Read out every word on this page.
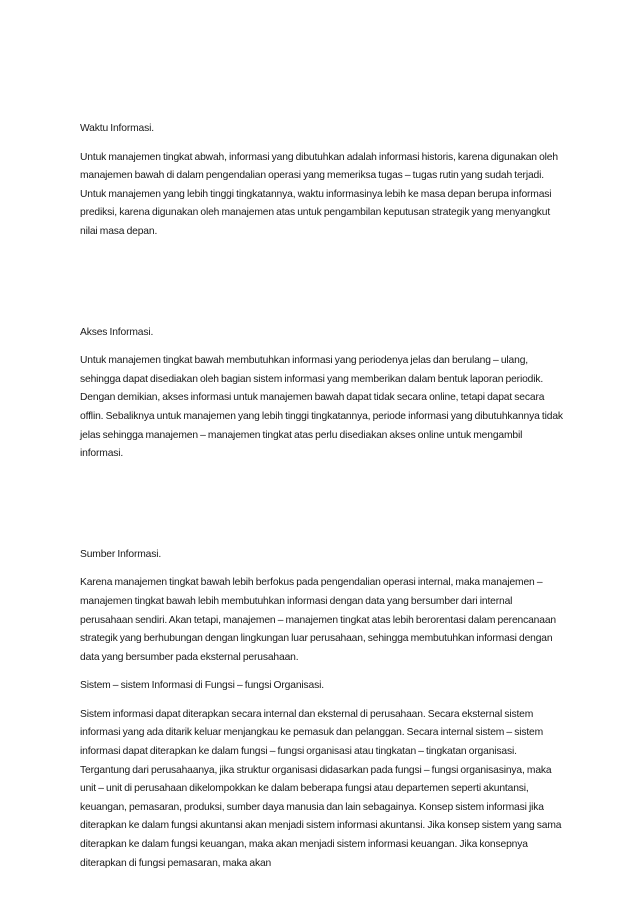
Waktu Informasi.

Untuk manajemen tingkat abwah, informasi yang dibutuhkan adalah informasi historis, karena digunakan oleh manajemen bawah di dalam pengendalian operasi yang memeriksa tugas – tugas rutin yang sudah terjadi. Untuk manajemen yang lebih tinggi tingkatannya, waktu informasinya lebih ke masa depan berupa informasi prediksi, karena digunakan oleh manajemen atas untuk pengambilan keputusan strategik yang menyangkut nilai masa depan.

Akses Informasi.

Untuk manajemen tingkat bawah membutuhkan informasi yang periodenya jelas dan berulang – ulang, sehingga dapat disediakan oleh bagian sistem informasi yang memberikan dalam bentuk laporan periodik. Dengan demikian, akses informasi untuk manajemen bawah dapat tidak secara online, tetapi dapat secara offlin. Sebaliknya untuk manajemen yang lebih tinggi tingkatannya, periode informasi yang dibutuhkannya tidak jelas sehingga manajemen – manajemen tingkat atas perlu disediakan akses online untuk mengambil informasi.

Sumber Informasi.

Karena manajemen tingkat bawah lebih berfokus pada pengendalian operasi internal, maka manajemen – manajemen tingkat bawah lebih membutuhkan informasi dengan data yang bersumber dari internal perusahaan sendiri. Akan tetapi, manajemen – manajemen tingkat atas lebih berorentasi dalam perencanaan strategik yang berhubungan dengan lingkungan luar perusahaan, sehingga membutuhkan informasi dengan data yang bersumber pada eksternal perusahaan.

Sistem – sistem Informasi di Fungsi – fungsi Organisasi.

Sistem informasi dapat diterapkan secara internal dan eksternal di perusahaan. Secara eksternal sistem informasi yang ada ditarik keluar menjangkau ke pemasuk dan pelanggan. Secara internal sistem – sistem informasi dapat diterapkan ke dalam fungsi – fungsi organisasi atau tingkatan – tingkatan organisasi. Tergantung dari perusahaanya, jika struktur organisasi didasarkan pada fungsi – fungsi organisasinya, maka unit – unit di perusahaan dikelompokkan ke dalam beberapa fungsi atau departemen seperti akuntansi, keuangan, pemasaran, produksi, sumber daya manusia dan lain sebagainya. Konsep sistem informasi jika diterapkan ke dalam fungsi akuntansi akan menjadi sistem informasi akuntansi. Jika konsep sistem yang sama diterapkan ke dalam fungsi keuangan, maka akan menjadi sistem informasi keuangan. Jika konsepnya diterapkan di fungsi pemasaran, maka akan
